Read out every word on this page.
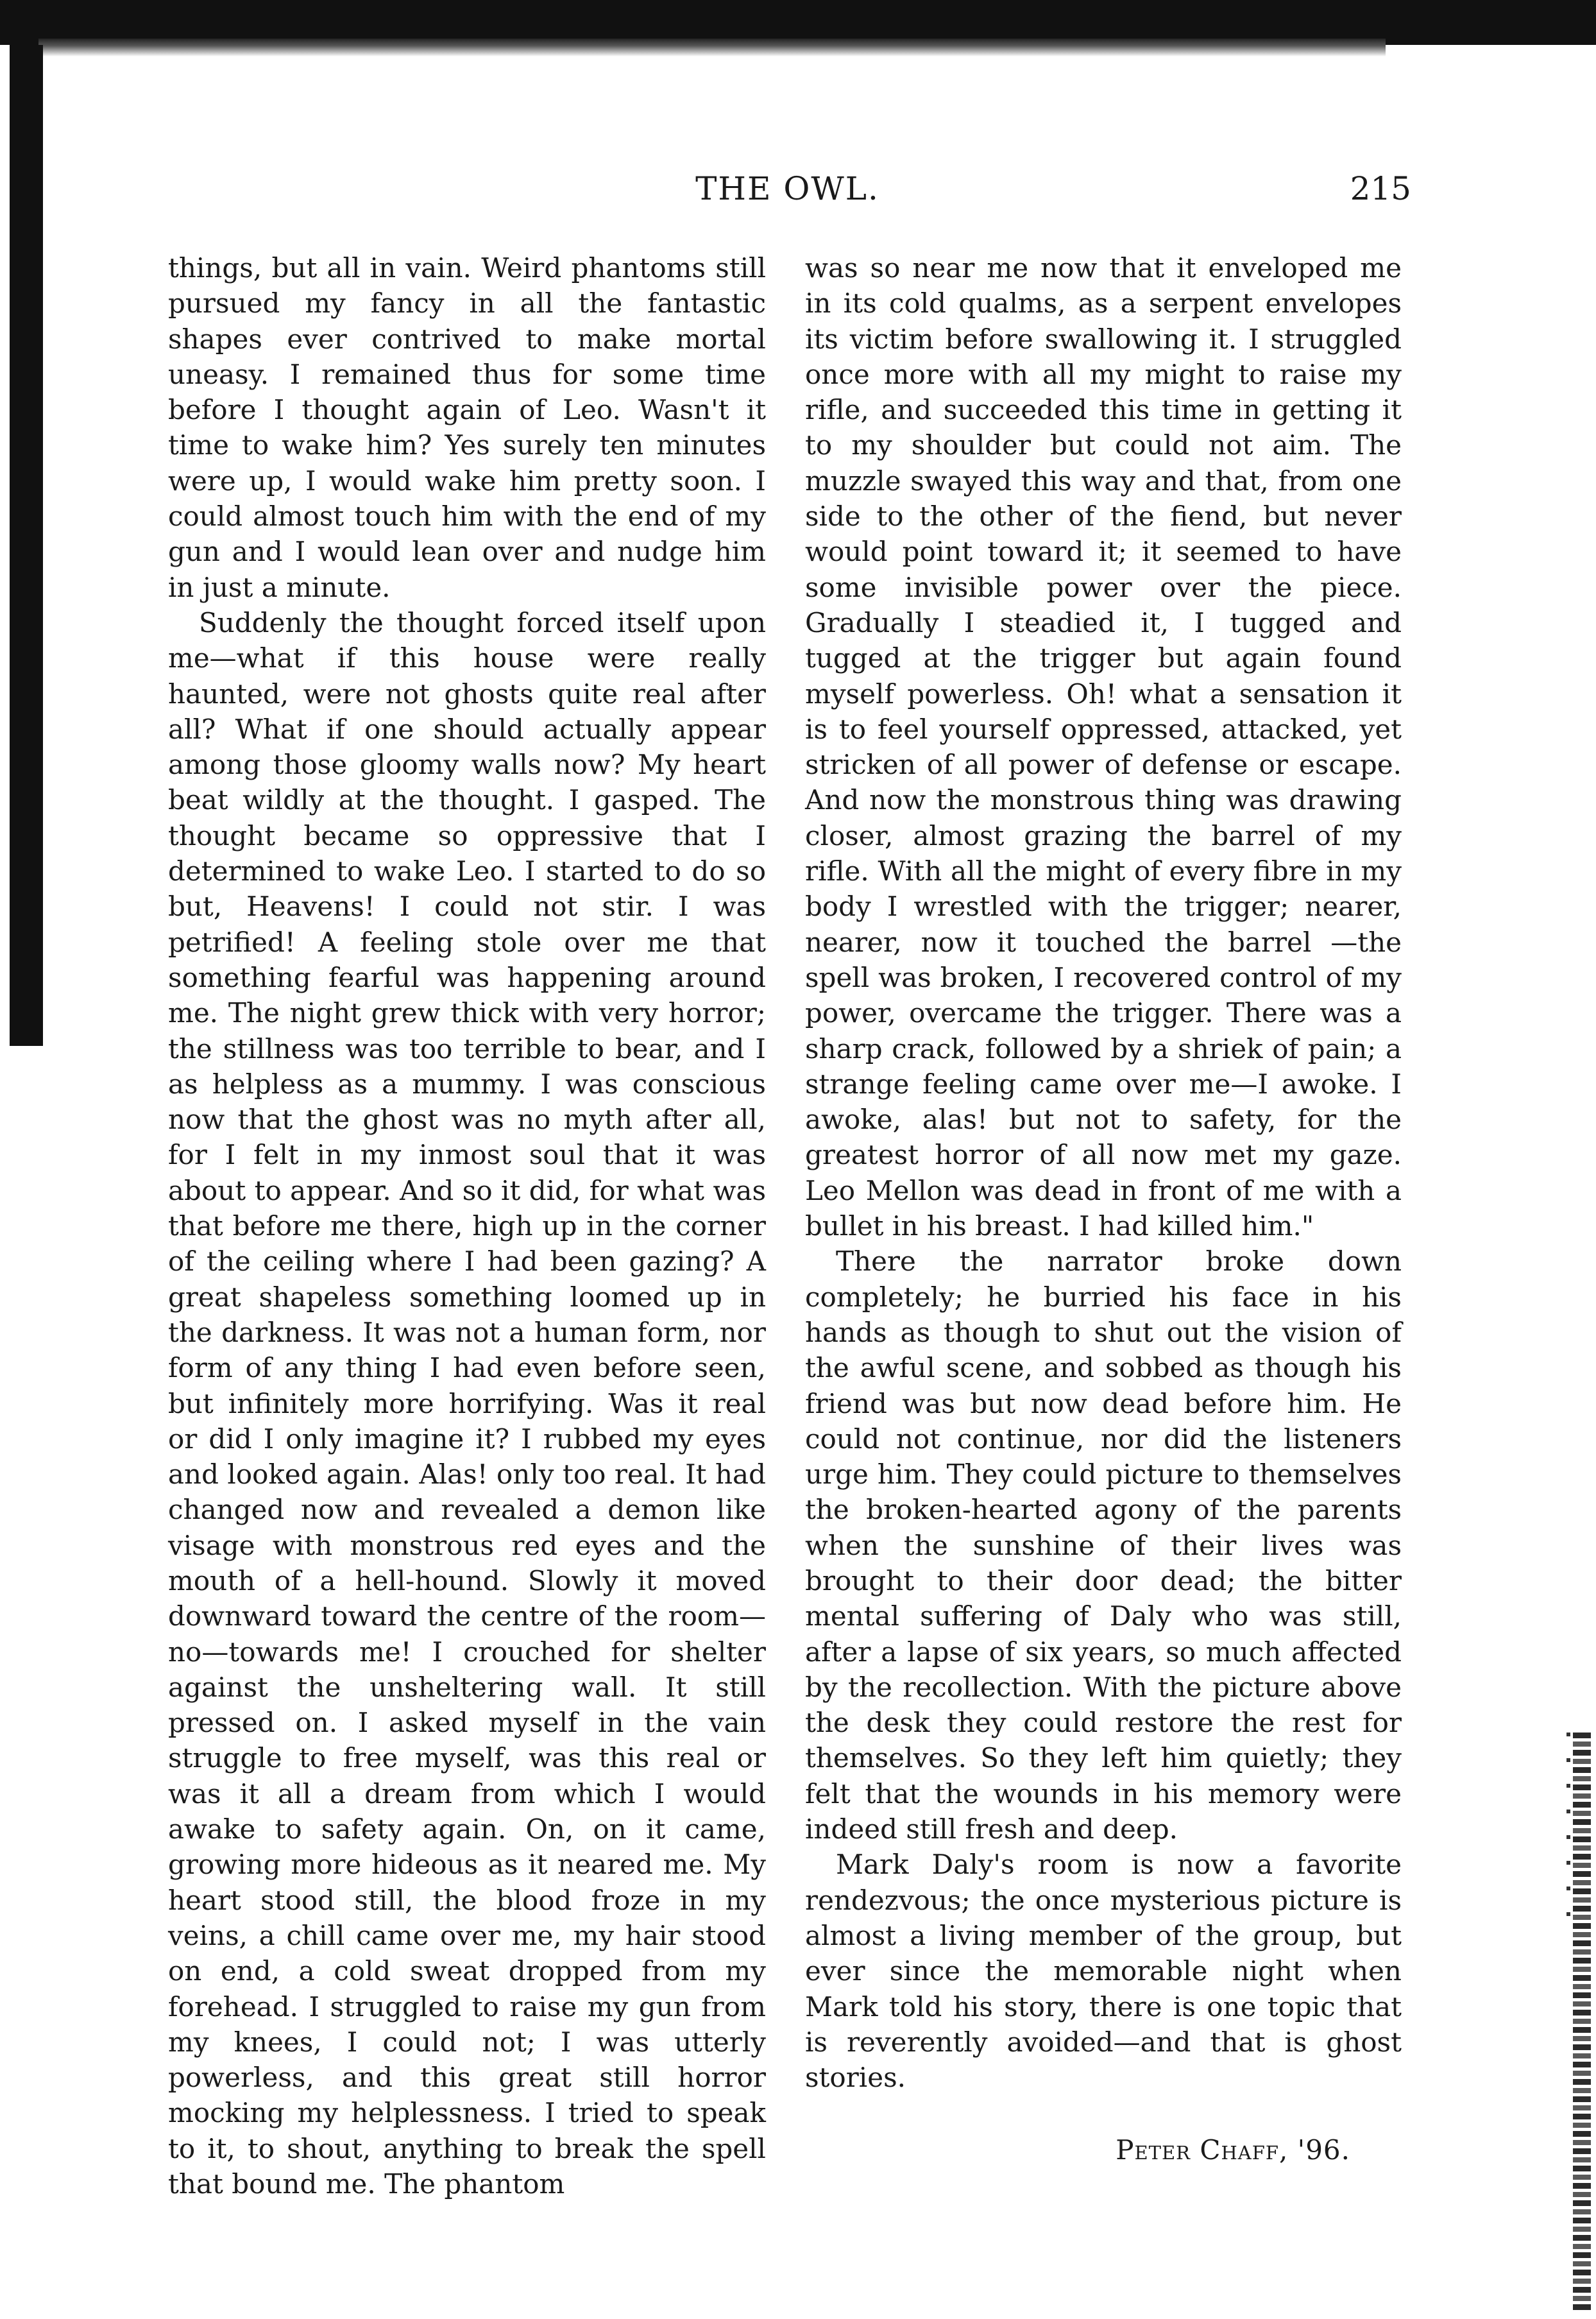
THE OWL.	215

things, but all in vain. Weird phantoms still pursued my fancy in all the fantastic shapes ever contrived to make mortal uneasy. I remained thus for some time before I thought again of Leo. Wasn't it time to wake him? Yes surely ten minutes were up, I would wake him pretty soon. I could almost touch him with the end of my gun and I would lean over and nudge him in just a minute.

Suddenly the thought forced itself upon me—what if this house were really haunted, were not ghosts quite real after all? What if one should actually appear among those gloomy walls now? My heart beat wildly at the thought. I gasped. The thought became so oppressive that I determined to wake Leo. I started to do so but, Heavens! I could not stir. I was petrified! A feeling stole over me that something fearful was happening around me. The night grew thick with very horror; the stillness was too terrible to bear, and I as helpless as a mummy. I was conscious now that the ghost was no myth after all, for I felt in my inmost soul that it was about to appear. And so it did, for what was that before me there, high up in the corner of the ceiling where I had been gazing? A great shapeless something loomed up in the darkness. It was not a human form, nor form of any thing I had even before seen, but infinitely more horrifying. Was it real or did I only imagine it? I rubbed my eyes and looked again. Alas! only too real. It had changed now and revealed a demon like visage with monstrous red eyes and the mouth of a hell-hound. Slowly it moved downward toward the centre of the room—no—towards me! I crouched for shelter against the unsheltering wall. It still pressed on. I asked myself in the vain struggle to free myself, was this real or was it all a dream from which I would awake to safety again. On, on it came, growing more hideous as it neared me. My heart stood still, the blood froze in my veins, a chill came over me, my hair stood on end, a cold sweat dropped from my forehead. I struggled to raise my gun from my knees, I could not; I was utterly powerless, and this great still horror mocking my helplessness. I tried to speak to it, to shout, anything to break the spell that bound me. The phantom

was so near me now that it enveloped me in its cold qualms, as a serpent envelopes its victim before swallowing it. I struggled once more with all my might to raise my rifle, and succeeded this time in getting it to my shoulder but could not aim. The muzzle swayed this way and that, from one side to the other of the fiend, but never would point toward it; it seemed to have some invisible power over the piece. Gradually I steadied it, I tugged and tugged at the trigger but again found myself powerless. Oh! what a sensation it is to feel yourself oppressed, attacked, yet stricken of all power of defense or escape. And now the monstrous thing was drawing closer, almost grazing the barrel of my rifle. With all the might of every fibre in my body I wrestled with the trigger; nearer, nearer, now it touched the barrel —the spell was broken, I recovered control of my power, overcame the trigger. There was a sharp crack, followed by a shriek of pain; a strange feeling came over me—I awoke. I awoke, alas! but not to safety, for the greatest horror of all now met my gaze. Leo Mellon was dead in front of me with a bullet in his breast. I had killed him."

There the narrator broke down completely; he burried his face in his hands as though to shut out the vision of the awful scene, and sobbed as though his friend was but now dead before him. He could not continue, nor did the listeners urge him. They could picture to themselves the broken-hearted agony of the parents when the sunshine of their lives was brought to their door dead; the bitter mental suffering of Daly who was still, after a lapse of six years, so much affected by the recollection. With the picture above the desk they could restore the rest for themselves. So they left him quietly; they felt that the wounds in his memory were indeed still fresh and deep.

Mark Daly's room is now a favorite rendezvous; the once mysterious picture is almost a living member of the group, but ever since the memorable night when Mark told his story, there is one topic that is reverently avoided—and that is ghost stories.

Peter Chaff, '96.
